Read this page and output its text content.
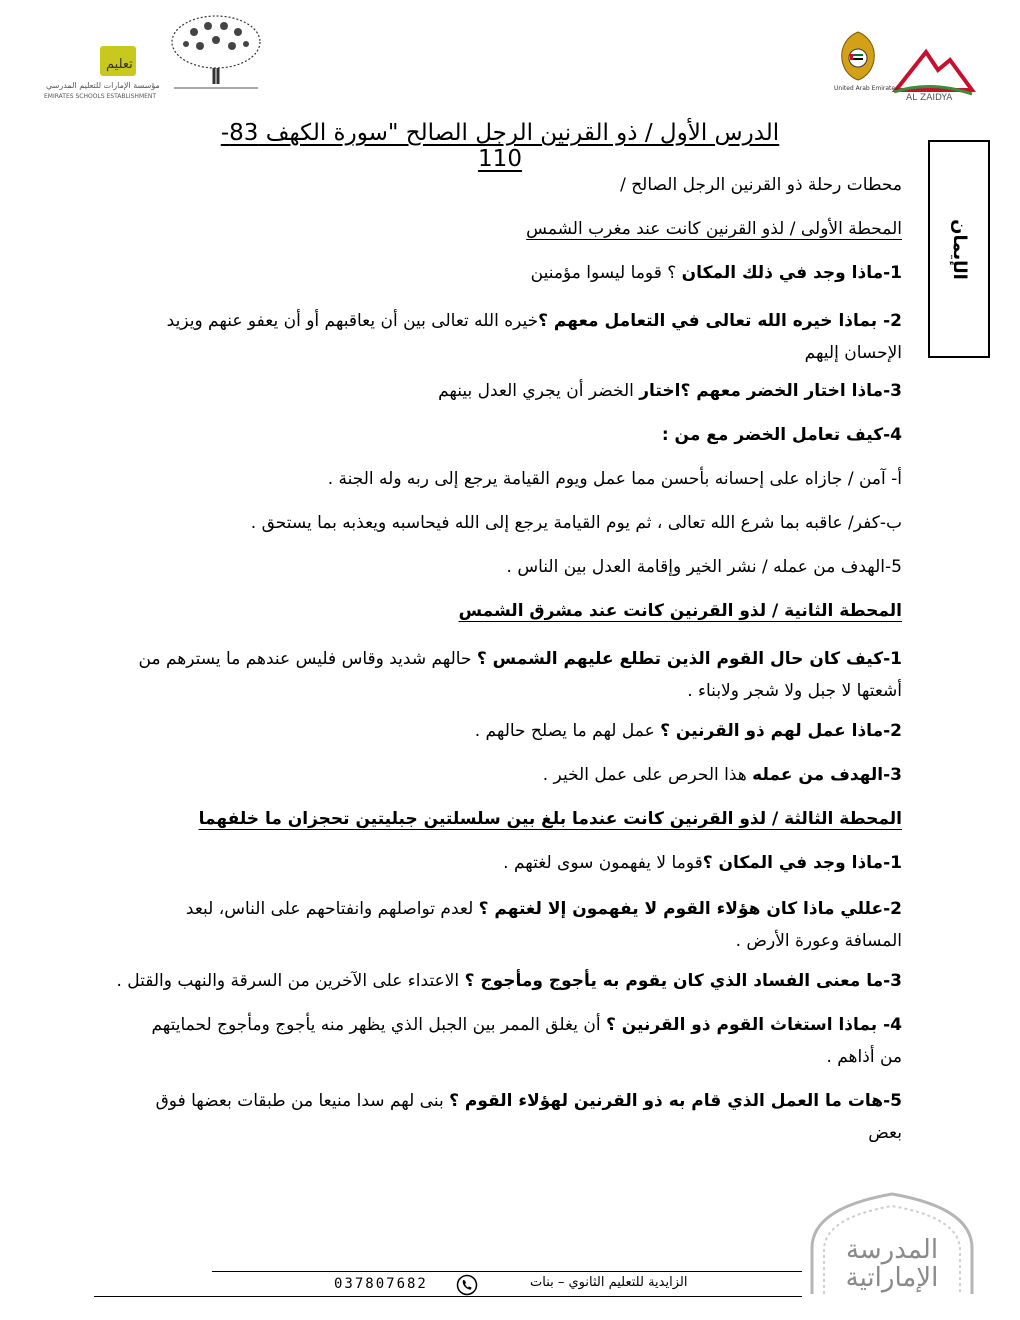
AL ZAIDYA
United Arab Emirates
تعليم
مؤسسة الإمارات للتعليم المدرسي
EMIRATES SCHOOLS ESTABLISHMENT
الدرس الأول / ذو القرنين الرجل الصالح "سورة الكهف 83-110
الإيمان
محطات رحلة ذو القرنين الرجل الصالح /
المحطة الأولى / لذو القرنين كانت عند مغرب الشمس
1-ماذا وجد في ذلك المكان ؟ قوما ليسوا مؤمنين
2- بماذا خيره الله تعالى في التعامل معهم ؟خيره الله تعالى بين أن يعاقبهم أو أن يعفو عنهم ويزيد
الإحسان إليهم
3-ماذا اختار الخضر معهم ؟اختار الخضر أن يجري العدل بينهم
4-كيف تعامل الخضر مع من :
أ- آمن / جازاه على إحسانه بأحسن مما عمل ويوم القيامة يرجع إلى ربه وله الجنة .
ب-كفر/ عاقبه بما شرع الله تعالى ، ثم يوم القيامة يرجع إلى الله فيحاسبه ويعذبه بما يستحق .
5-الهدف من عمله / نشر الخير وإقامة العدل بين الناس .
المحطة الثانية / لذو القرنين كانت عند مشرق الشمس
1-كيف كان حال القوم الذين تطلع عليهم الشمس ؟ حالهم شديد وقاس فليس عندهم ما يسترهم من
أشعتها لا جبل ولا شجر ولابناء .
2-ماذا عمل لهم ذو القرنين ؟ عمل لهم ما يصلح حالهم .
3-الهدف من عمله هذا الحرص على عمل الخير .
المحطة الثالثة / لذو القرنين كانت عندما بلغ بين سلسلتين جبليتين تحجزان ما خلفهما
1-ماذا وجد في المكان ؟قوما لا يفهمون سوى لغتهم .
2-عللي ماذا كان هؤلاء القوم لا يفهمون إلا لغتهم ؟ لعدم تواصلهم وانفتاحهم على الناس، لبعد
المسافة وعورة الأرض .
3-ما معنى الفساد الذي كان يقوم به يأجوج ومأجوج ؟ الاعتداء على الآخرين من السرقة والنهب والقتل .
4- بماذا استغاث القوم ذو القرنين ؟ أن يغلق الممر بين الجبل الذي يظهر منه يأجوج ومأجوج لحمايتهم
من أذاهم .
5-هات ما العمل الذي قام به ذو القرنين لهؤلاء القوم ؟ بنى لهم سدا منيعا من طبقات بعضها فوق
بعض
المدرسة
الإماراتية
037807682	الزايدية للتعليم الثانوي – بنات
